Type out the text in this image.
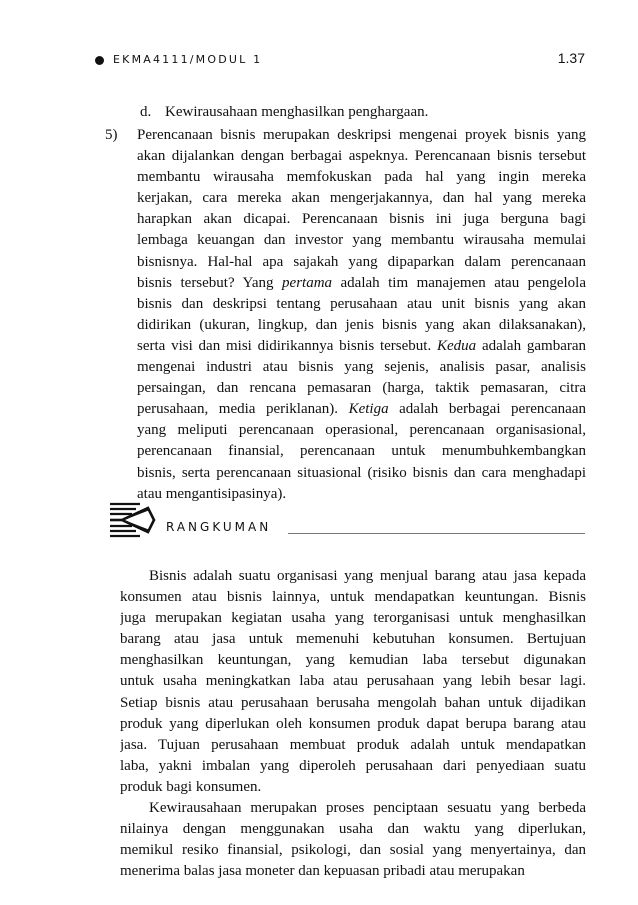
EKMA4111/MODUL 1	1.37
d. Kewirausahaan menghasilkan penghargaan.
5) Perencanaan bisnis merupakan deskripsi mengenai proyek bisnis yang
akan dijalankan dengan berbagai aspeknya. Perencanaan bisnis tersebut
membantu wirausaha memfokuskan pada hal yang ingin mereka
kerjakan, cara mereka akan mengerjakannya, dan hal yang mereka
harapkan akan dicapai. Perencanaan bisnis ini juga berguna bagi
lembaga keuangan dan investor yang membantu wirausaha memulai
bisnisnya. Hal-hal apa sajakah yang dipaparkan dalam perencanaan
bisnis tersebut? Yang pertama adalah tim manajemen atau pengelola
bisnis dan deskripsi tentang perusahaan atau unit bisnis yang akan
didirikan (ukuran, lingkup, dan jenis bisnis yang akan dilaksanakan),
serta visi dan misi didirikannya bisnis tersebut. Kedua adalah gambaran
mengenai industri atau bisnis yang sejenis, analisis pasar, analisis
persaingan, dan rencana pemasaran (harga, taktik pemasaran, citra
perusahaan, media periklanan). Ketiga adalah berbagai perencanaan
yang meliputi perencanaan operasional, perencanaan organisasional,
perencanaan finansial, perencanaan untuk menumbuhkembangkan
bisnis, serta perencanaan situasional (risiko bisnis dan cara menghadapi
atau mengantisipasinya).
RANGKUMAN
Bisnis adalah suatu organisasi yang menjual barang atau jasa kepada
konsumen atau bisnis lainnya, untuk mendapatkan keuntungan. Bisnis
juga merupakan kegiatan usaha yang terorganisasi untuk menghasilkan
barang atau jasa untuk memenuhi kebutuhan konsumen. Bertujuan
menghasilkan keuntungan, yang kemudian laba tersebut digunakan
untuk usaha meningkatkan laba atau perusahaan yang lebih besar lagi.
Setiap bisnis atau perusahaan berusaha mengolah bahan untuk dijadikan
produk yang diperlukan oleh konsumen produk dapat berupa barang atau
jasa. Tujuan perusahaan membuat produk adalah untuk mendapatkan
laba, yakni imbalan yang diperoleh perusahaan dari penyediaan suatu
produk bagi konsumen.
Kewirausahaan merupakan proses penciptaan sesuatu yang berbeda
nilainya dengan menggunakan usaha dan waktu yang diperlukan,
memikul resiko finansial, psikologi, dan sosial yang menyertainya, dan
menerima balas jasa moneter dan kepuasan pribadi atau merupakan
